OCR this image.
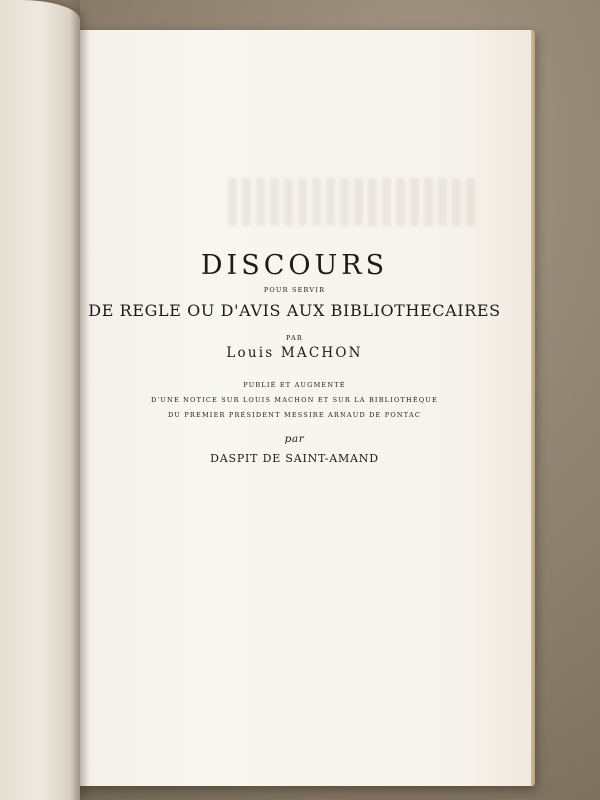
DISCOURS
POUR SERVIR
DE REGLE OU D'AVIS AUX BIBLIOTHECAIRES
PAR
Louis MACHON
PUBLIÉ ET AUGMENTÉ
D'UNE NOTICE SUR LOUIS MACHON ET SUR LA BIBLIOTHÈQUE
DU PREMIER PRÉSIDENT MESSIRE ARNAUD DE PONTAC
par
DASPIT DE SAINT-AMAND
